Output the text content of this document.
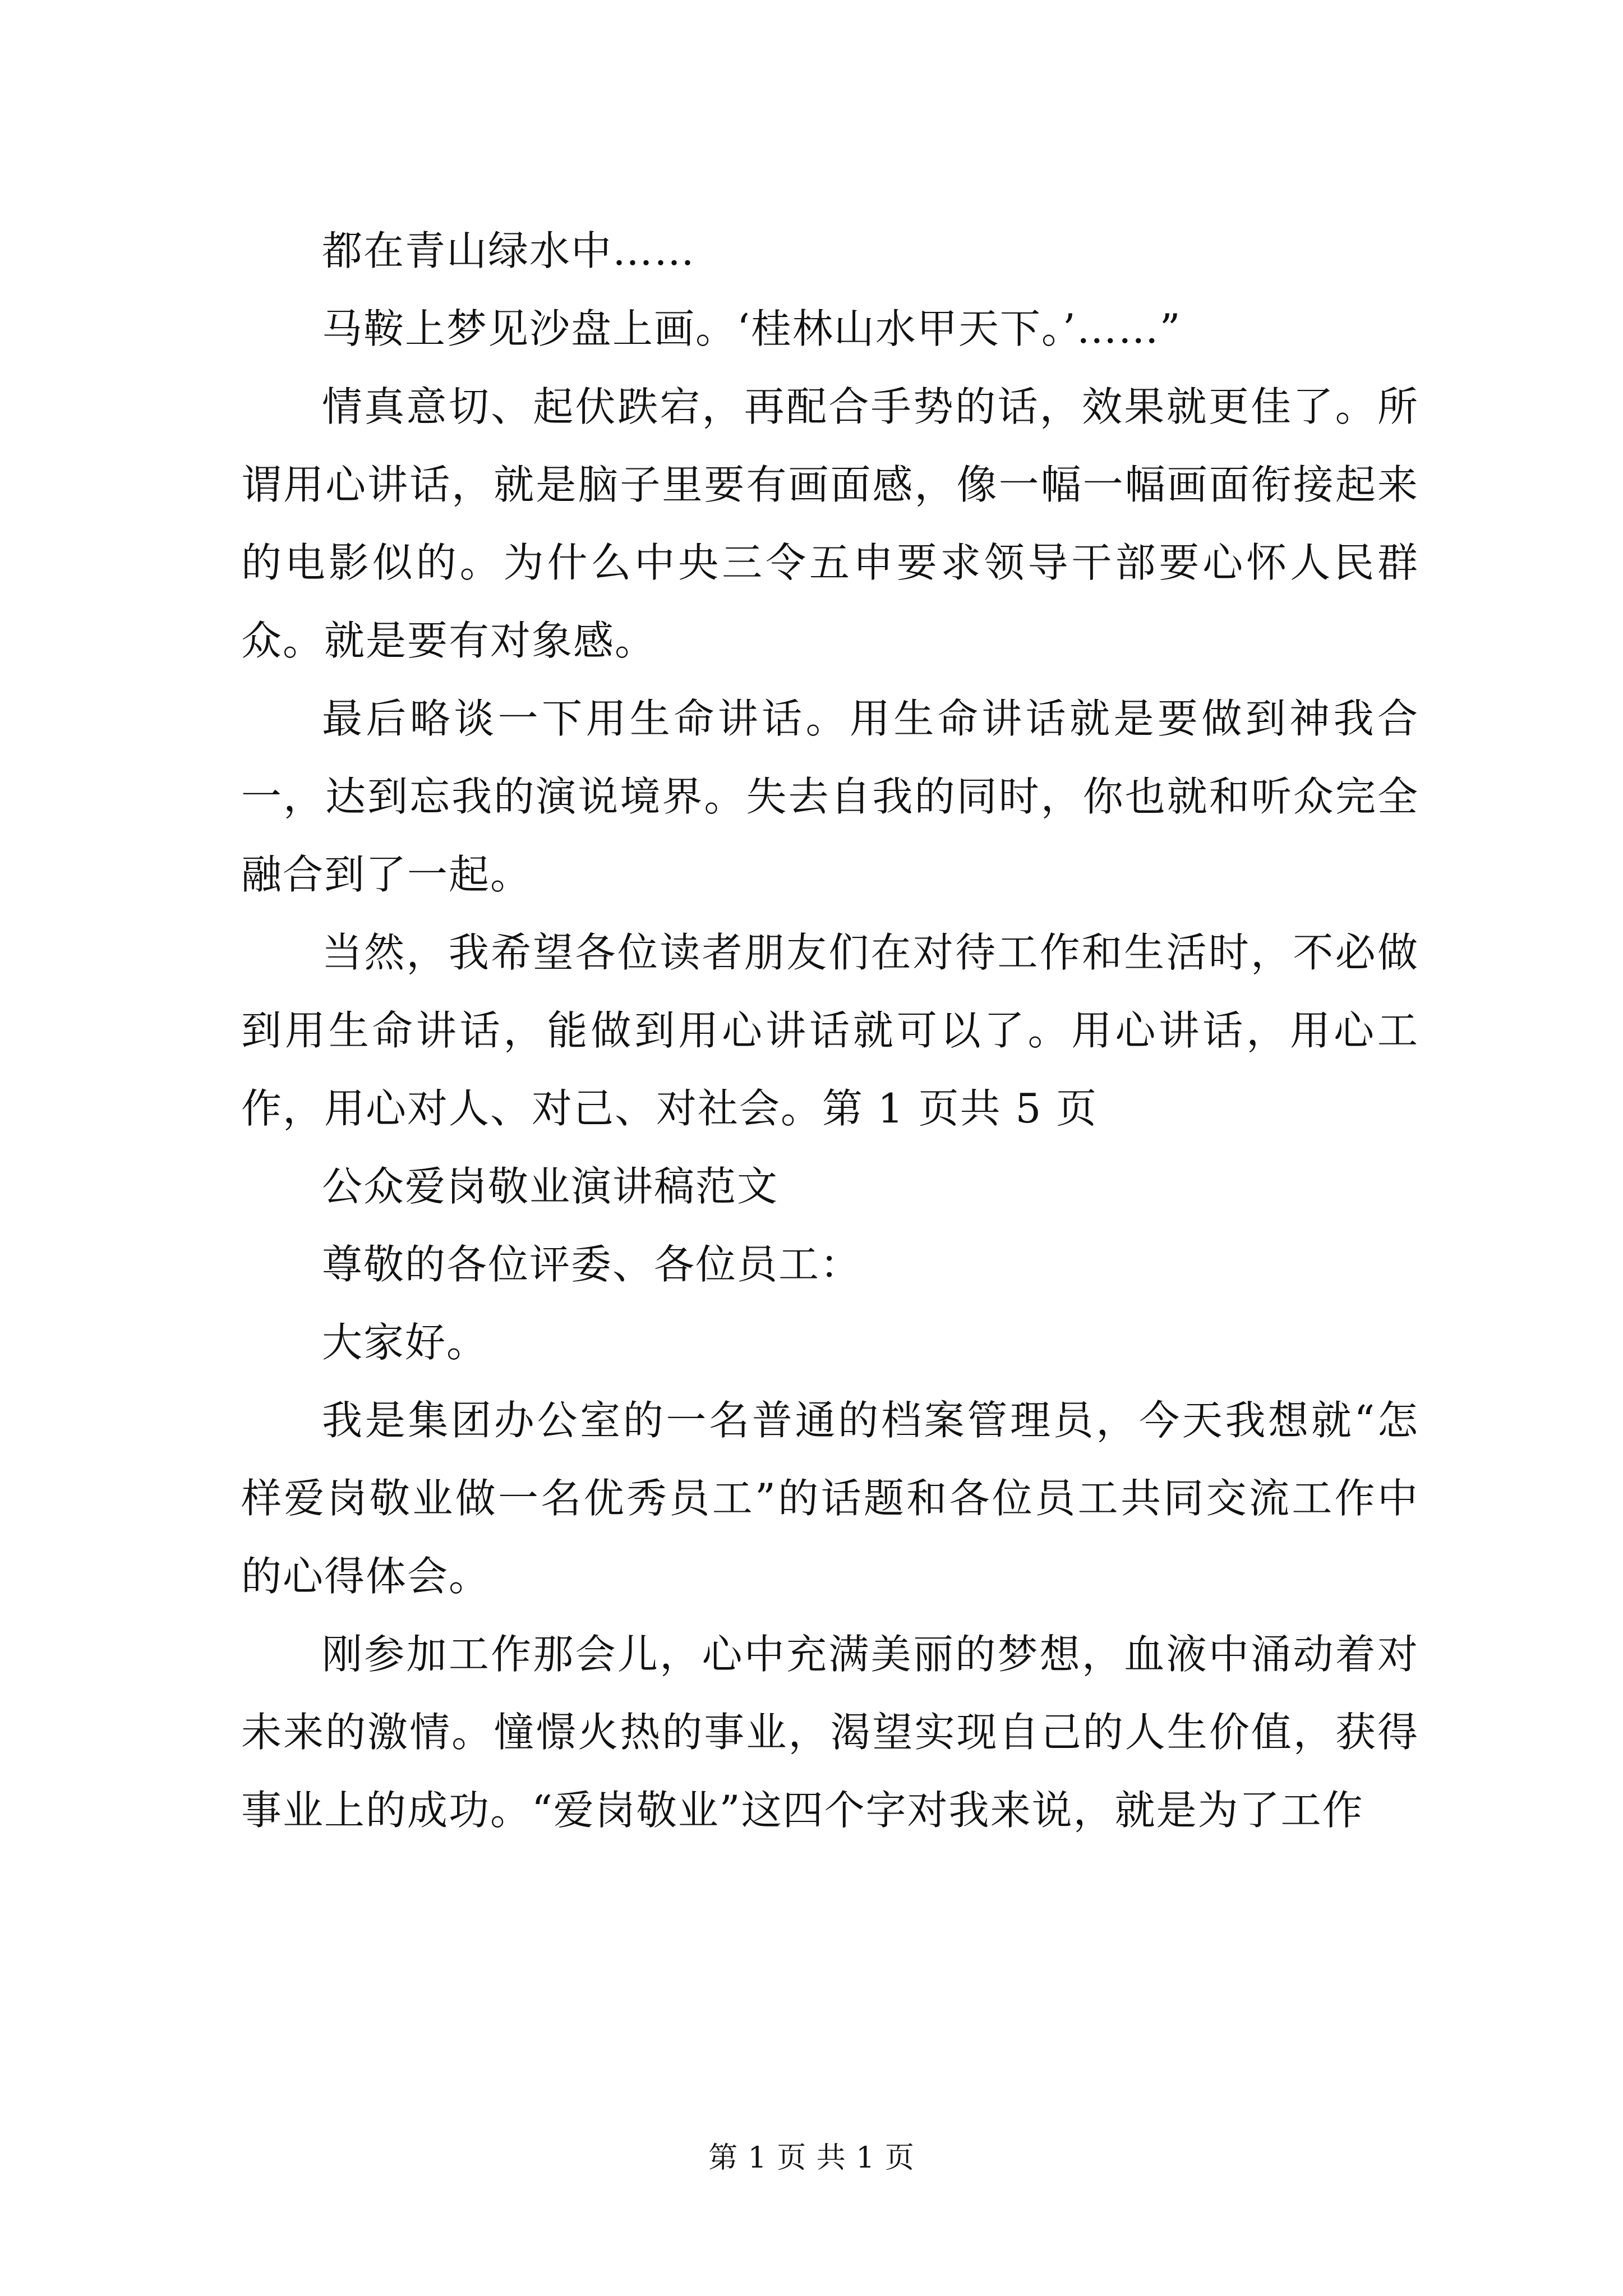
都在青山绿水中……

马鞍上梦见沙盘上画。‘桂林山水甲天下。’……”

情真意切、起伏跌宕，再配合手势的话，效果就更佳了。所谓用心讲话，就是脑子里要有画面感，像一幅一幅画面衔接起来的电影似的。为什么中央三令五申要求领导干部要心怀人民群众。就是要有对象感。

最后略谈一下用生命讲话。用生命讲话就是要做到神我合一，达到忘我的演说境界。失去自我的同时，你也就和听众完全融合到了一起。

当然，我希望各位读者朋友们在对待工作和生活时，不必做到用生命讲话，能做到用心讲话就可以了。用心讲话，用心工作，用心对人、对己、对社会。第 1 页共 5 页

公众爱岗敬业演讲稿范文

尊敬的各位评委、各位员工：

大家好。

我是集团办公室的一名普通的档案管理员，今天我想就“怎样爱岗敬业做一名优秀员工”的话题和各位员工共同交流工作中的心得体会。

刚参加工作那会儿，心中充满美丽的梦想，血液中涌动着对未来的激情。憧憬火热的事业，渴望实现自己的人生价值，获得事业上的成功。“爱岗敬业”这四个字对我来说，就是为了工作

第 1 页 共 1 页
